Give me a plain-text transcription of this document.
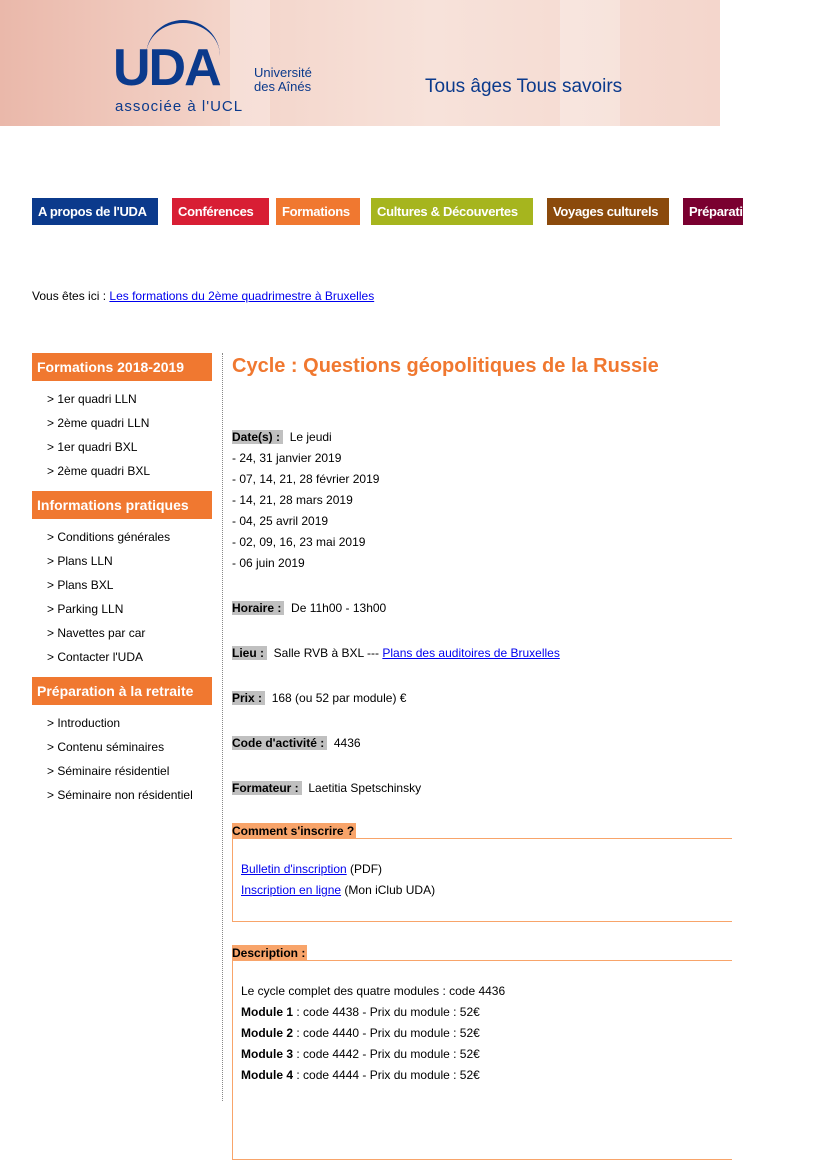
UDA	Université
des Aînés
associée à l'UCL
Tous âges Tous savoirs
A propos de l'UDA	Conférences	Formations	Cultures & Découvertes	Voyages culturels	Préparation à la retraite
Vous êtes ici : Les formations du 2ème quadrimestre à Bruxelles
Formations 2018-2019
> 1er quadri LLN
> 2ème quadri LLN
> 1er quadri BXL
> 2ème quadri BXL
Informations pratiques
> Conditions générales
> Plans LLN
> Plans BXL
> Parking LLN
> Navettes par car
> Contacter l'UDA
Préparation à la retraite
> Introduction
> Contenu séminaires
> Séminaire résidentiel
> Séminaire non résidentiel
Cycle : Questions géopolitiques de la Russie
Date(s) : Le jeudi
- 24, 31 janvier 2019
- 07, 14, 21, 28 février 2019
- 14, 21, 28 mars 2019
- 04, 25 avril 2019
- 02, 09, 16, 23 mai 2019
- 06 juin 2019
Horaire : De 11h00 - 13h00
Lieu : Salle RVB à BXL --- Plans des auditoires de Bruxelles
Prix : 168 (ou 52 par module) €
Code d'activité : 4436
Formateur : Laetitia Spetschinsky
Comment s'inscrire ?
Bulletin d'inscription (PDF)
Inscription en ligne (Mon iClub UDA)
Description :
Le cycle complet des quatre modules : code 4436
Module 1 : code 4438 - Prix du module : 52€
Module 2 : code 4440 - Prix du module : 52€
Module 3 : code 4442 - Prix du module : 52€
Module 4 : code 4444 - Prix du module : 52€
